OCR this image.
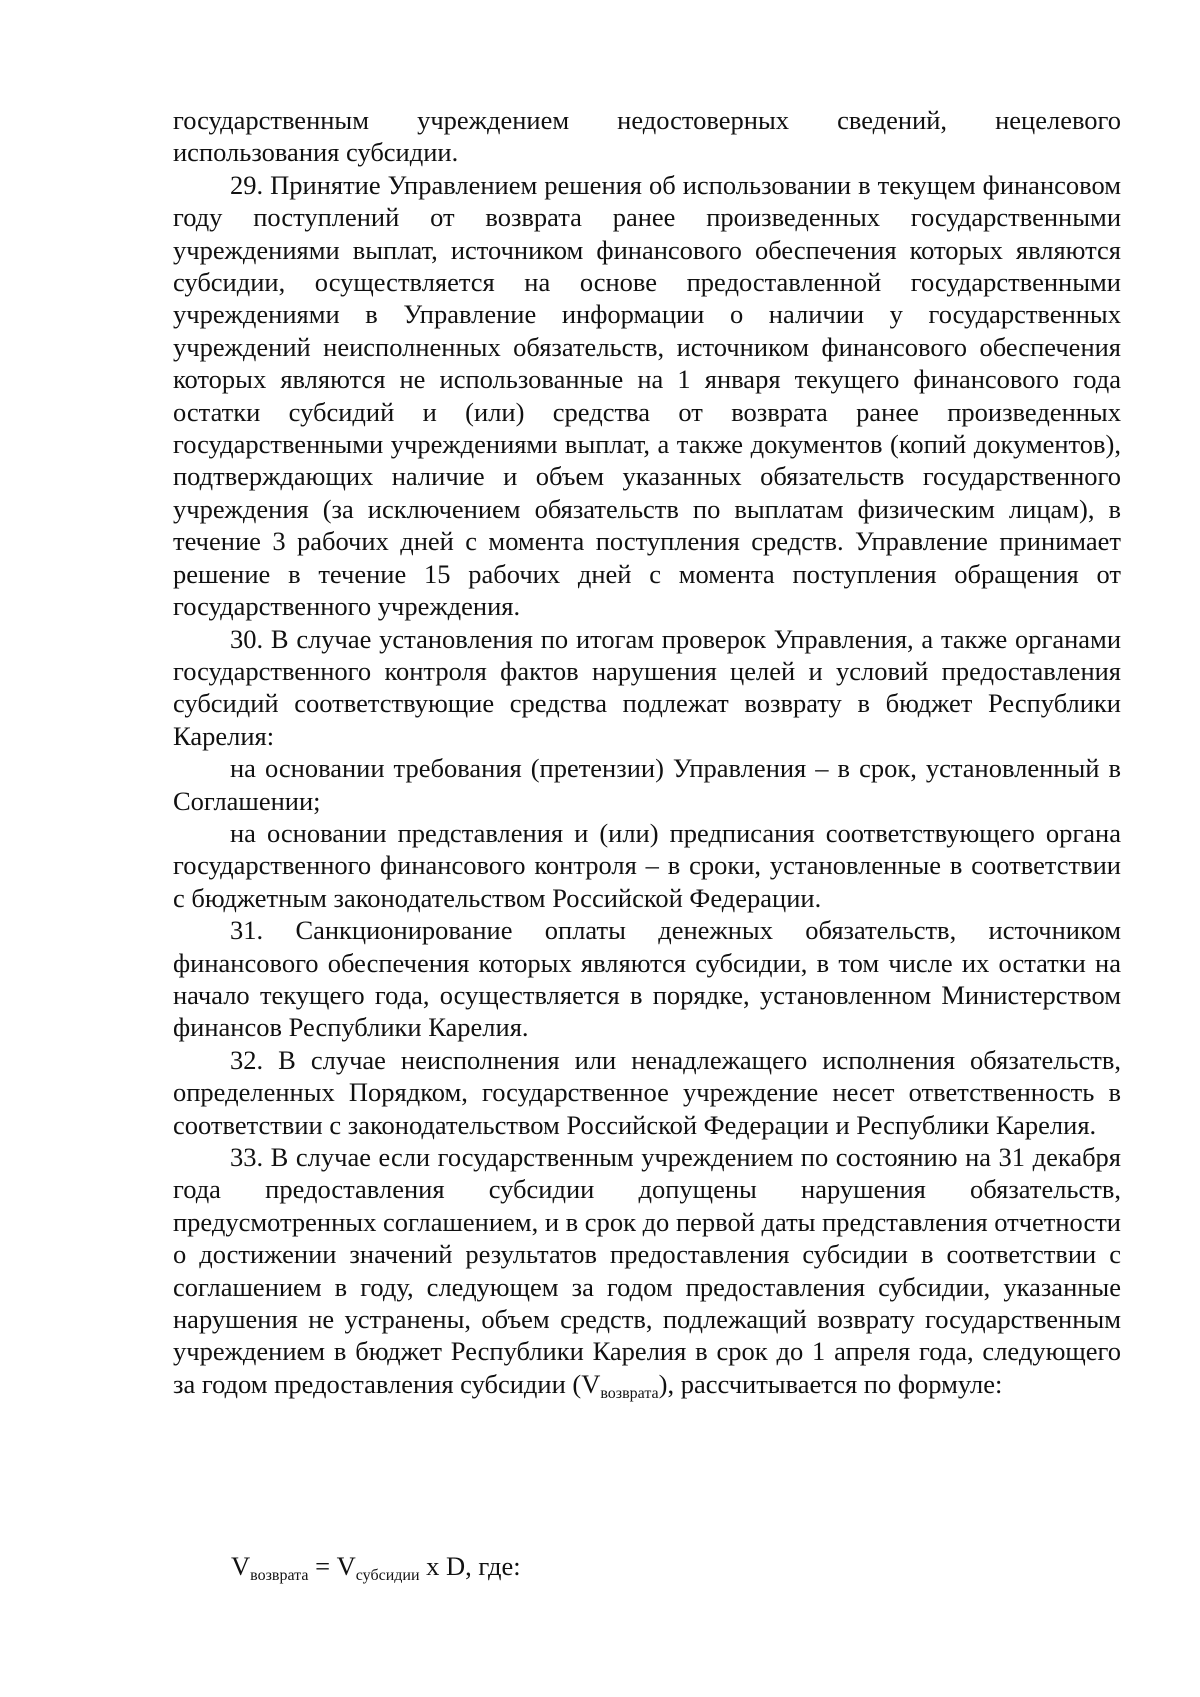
государственным учреждением недостоверных сведений, нецелевого использования субсидии.

29. Принятие Управлением решения об использовании в текущем финансовом году поступлений от возврата ранее произведенных государственными учреждениями выплат, источником финансового обеспечения которых являются субсидии, осуществляется на основе предоставленной государственными учреждениями в Управление информации о наличии у государственных учреждений неисполненных обязательств, источником финансового обеспечения которых являются не использованные на 1 января текущего финансового года остатки субсидий и (или) средства от возврата ранее произведенных государственными учреждениями выплат, а также документов (копий документов), подтверждающих наличие и объем указанных обязательств государственного учреждения (за исключением обязательств по выплатам физическим лицам), в течение 3 рабочих дней с момента поступления средств. Управление принимает решение в течение 15 рабочих дней с момента поступления обращения от государственного учреждения.

30. В случае установления по итогам проверок Управления, а также органами государственного контроля фактов нарушения целей и условий предоставления субсидий соответствующие средства подлежат возврату в бюджет Республики Карелия:

на основании требования (претензии) Управления – в срок, установленный в Соглашении;

на основании представления и (или) предписания соответствующего органа государственного финансового контроля – в сроки, установленные в соответствии с бюджетным законодательством Российской Федерации.

31. Санкционирование оплаты денежных обязательств, источником финансового обеспечения которых являются субсидии, в том числе их остатки на начало текущего года, осуществляется в порядке, установленном Министерством финансов Республики Карелия.

32. В случае неисполнения или ненадлежащего исполнения обязательств, определенных Порядком, государственное учреждение несет ответственность в соответствии с законодательством Российской Федерации и Республики Карелия.

33. В случае если государственным учреждением по состоянию на 31 декабря года предоставления субсидии допущены нарушения обязательств, предусмотренных соглашением, и в срок до первой даты представления отчетности о достижении значений результатов предоставления субсидии в соответствии с соглашением в году, следующем за годом предоставления субсидии, указанные нарушения не устранены, объем средств, подлежащий возврату государственным учреждением в бюджет Республики Карелия в срок до 1 апреля года, следующего за годом предоставления субсидии $(V_{возврата})$, рассчитывается по формуле:

$V_{возврата} = V_{субсидии}$ x D, где:
